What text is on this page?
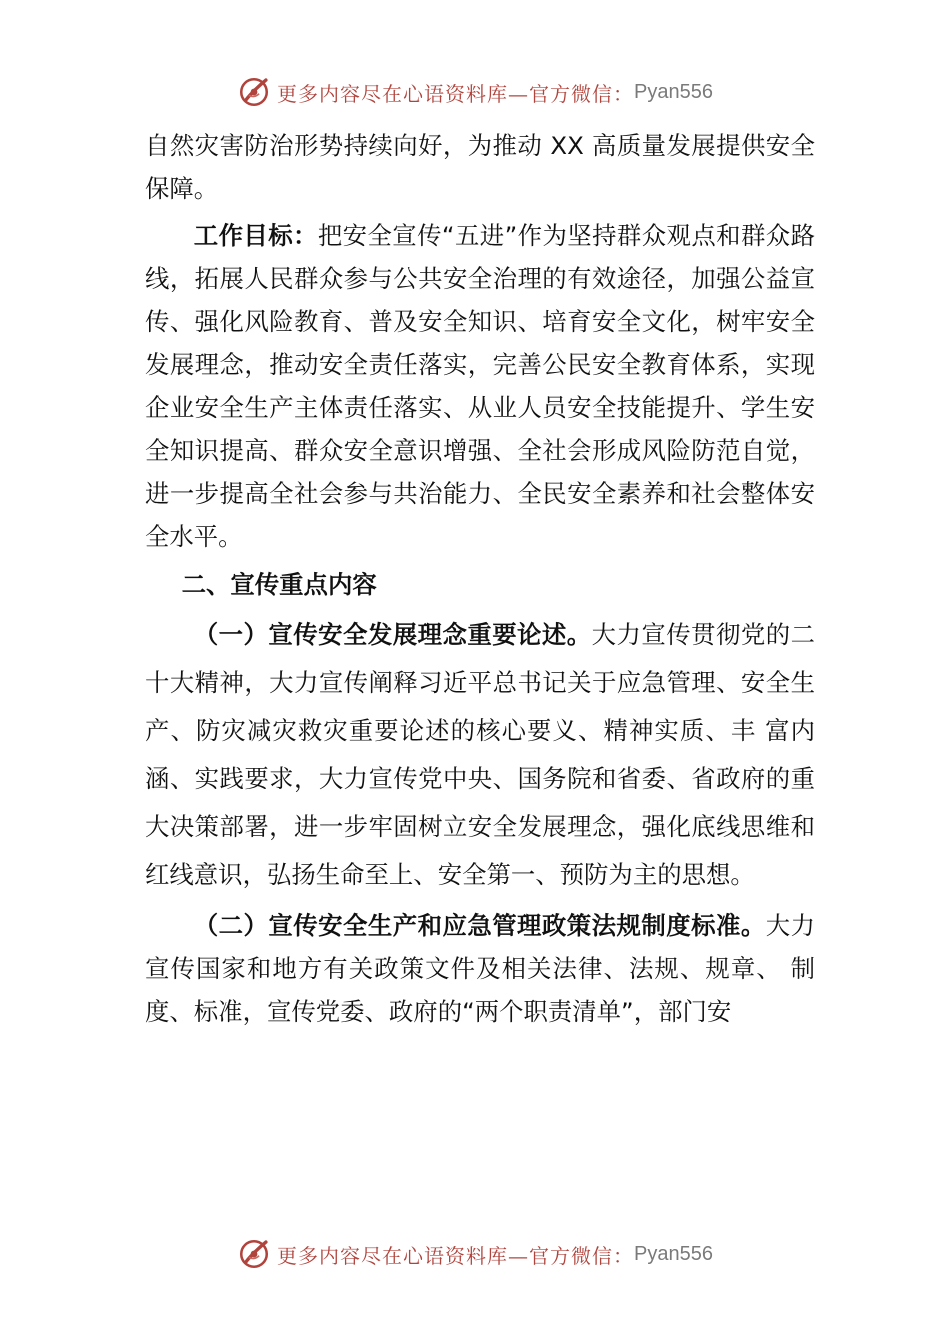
更多内容尽在心语资料库—官方微信： Pyan556

自然灾害防治形势持续向好，为推动 XX 高质量发展提供安全保障。

工作目标：把安全宣传“五进”作为坚持群众观点和群众路线，拓展人民群众参与公共安全治理的有效途径，加强公益宣传、强化风险教育、普及安全知识、培育安全文化，树牢安全发展理念，推动安全责任落实，完善公民安全教育体系，实现企业安全生产主体责任落实、从业人员安全技能提升、学生安全知识提高、群众安全意识增强、全社会形成风险防范自觉，进一步提高全社会参与共治能力、全民安全素养和社会整体安全水平。

二、宣传重点内容

（一）宣传安全发展理念重要论述。大力宣传贯彻党的二十大精神，大力宣传阐释习近平总书记关于应急管理、安全生产、防灾减灾救灾重要论述的核心要义、精神实质、丰 富内涵、实践要求，大力宣传党中央、国务院和省委、省政府的重大决策部署，进一步牢固树立安全发展理念，强化底线思维和红线意识，弘扬生命至上、安全第一、预防为主的思想。

（二）宣传安全生产和应急管理政策法规制度标准。大力宣传国家和地方有关政策文件及相关法律、法规、规章、 制度、标准，宣传党委、政府的“两个职责清单”，部门安

更多内容尽在心语资料库—官方微信： Pyan556
